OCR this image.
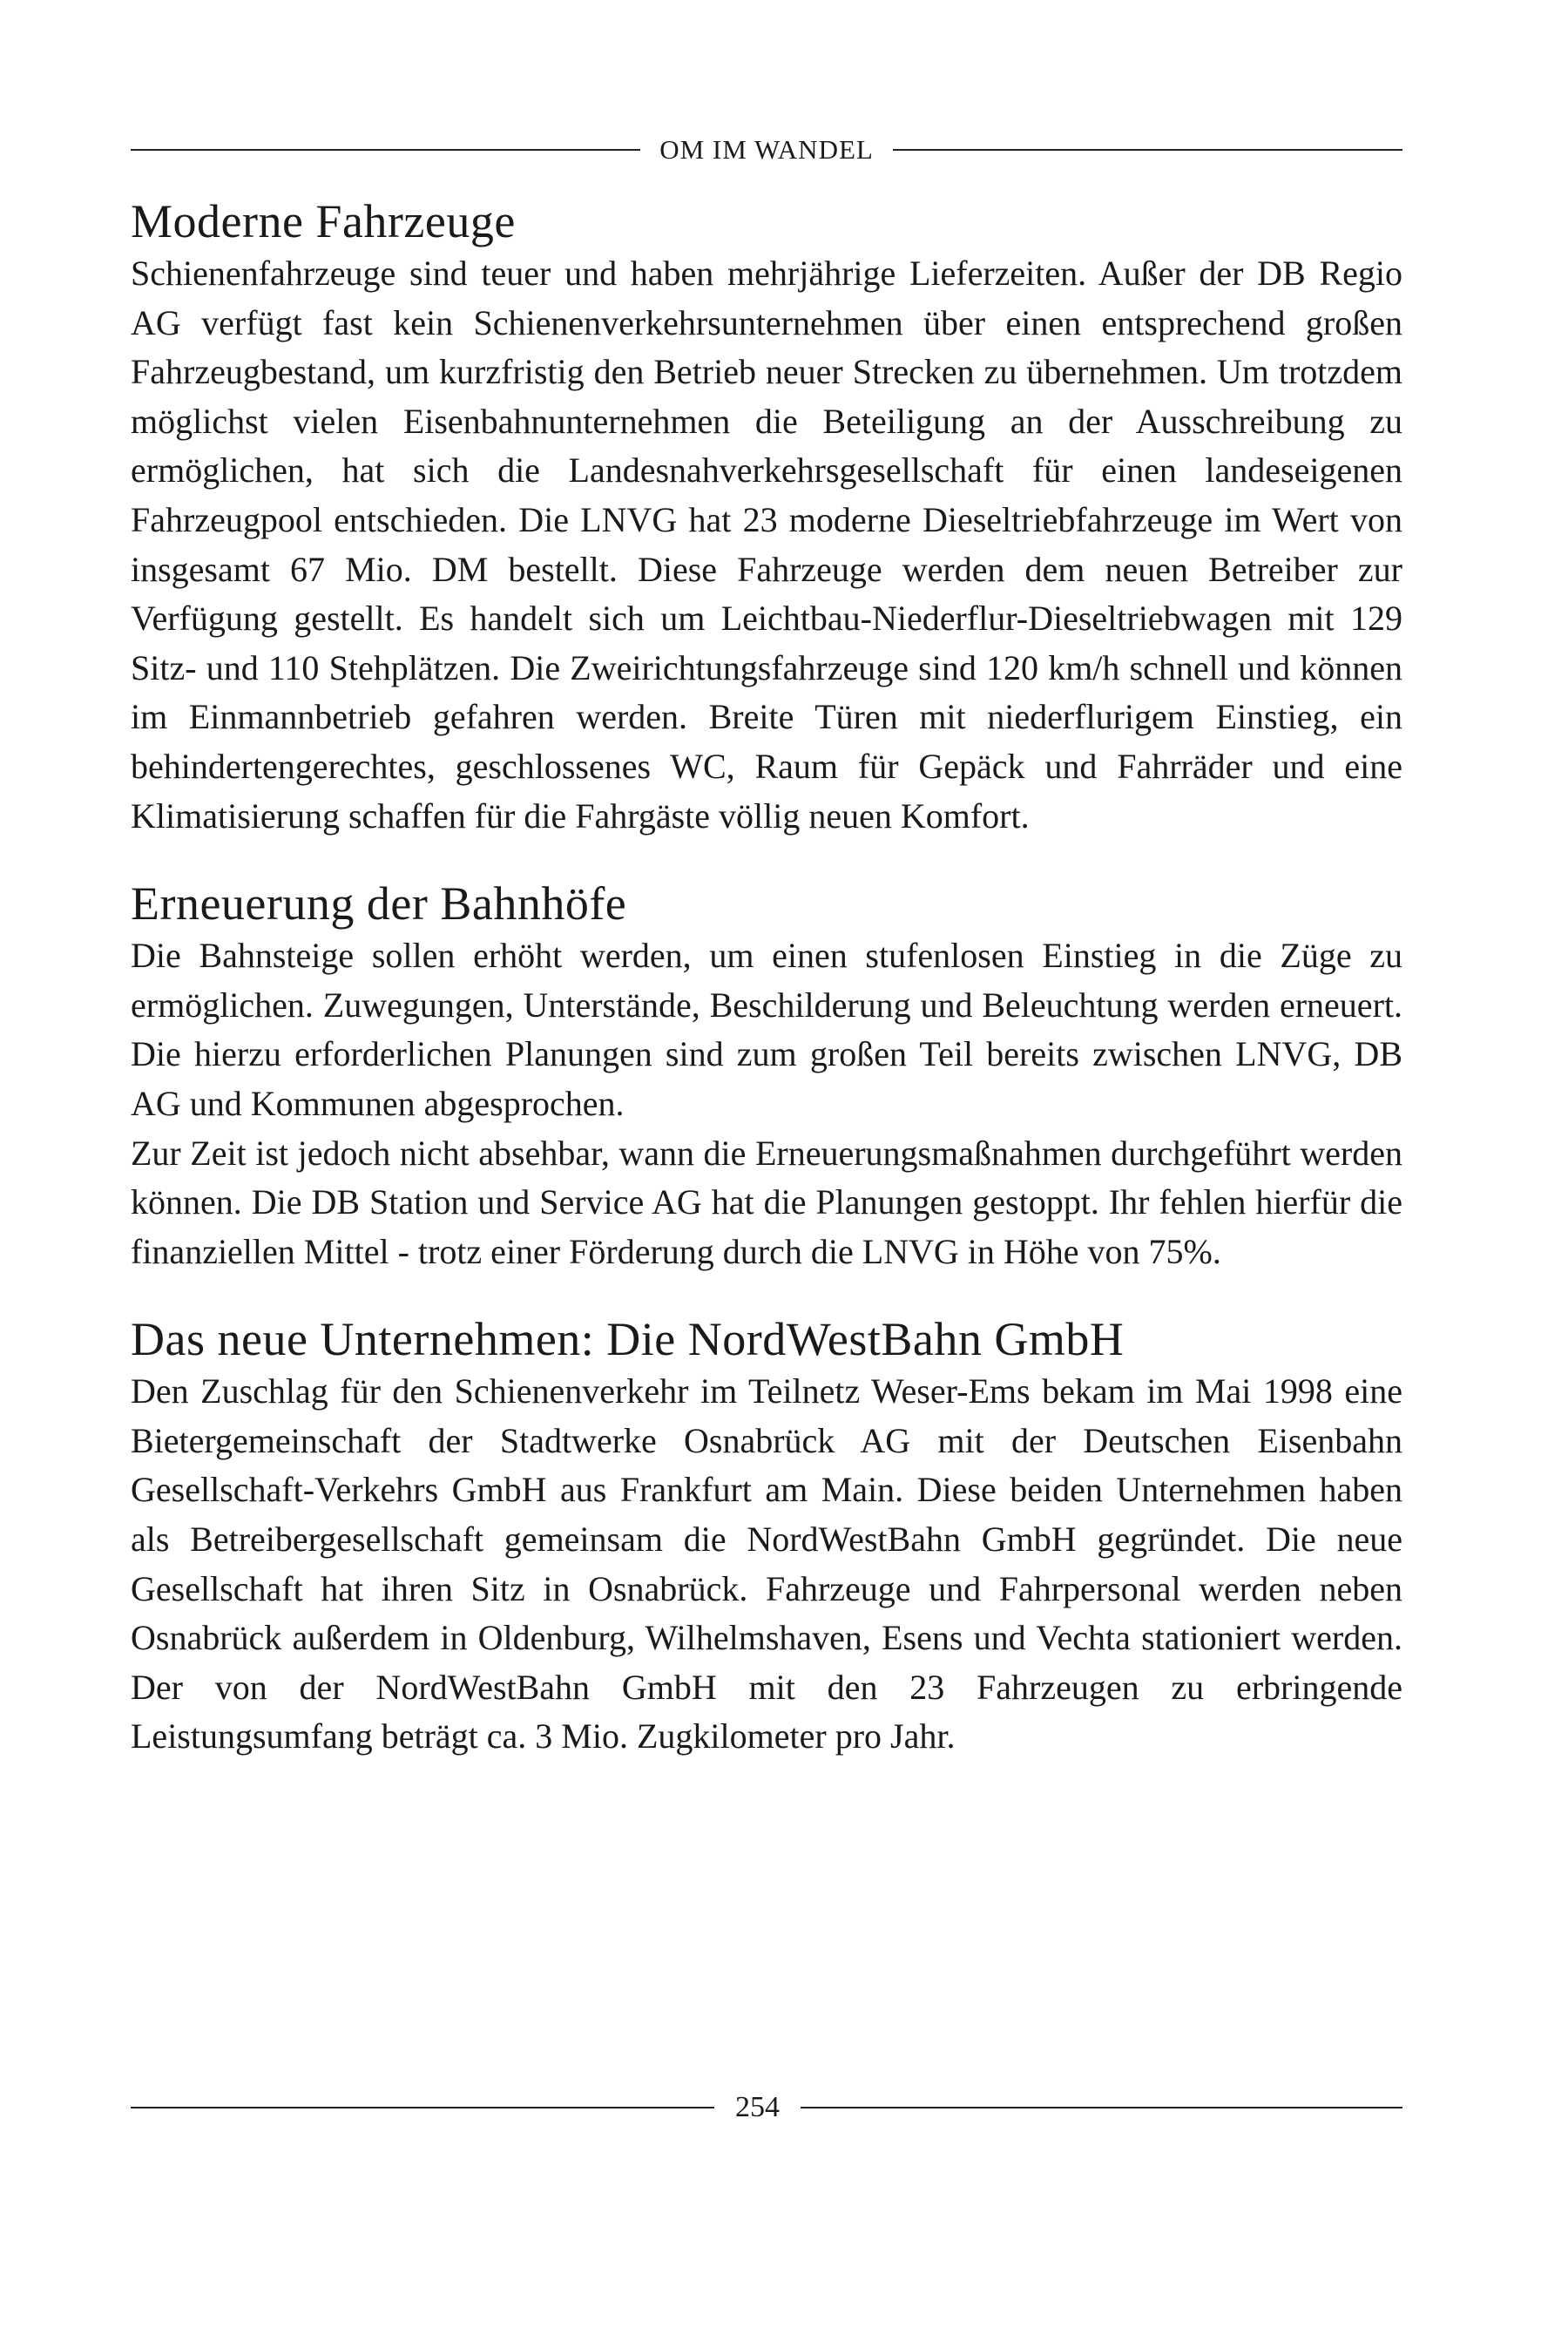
OM IM WANDEL
Moderne Fahrzeuge

Schienenfahrzeuge sind teuer und haben mehrjährige Lieferzeiten. Außer der DB Regio AG verfügt fast kein Schienenverkehrsunternehmen über einen entsprechend großen Fahrzeugbestand, um kurzfristig den Betrieb neuer Strecken zu übernehmen. Um trotzdem möglichst vielen Eisenbahnunternehmen die Beteiligung an der Ausschreibung zu ermöglichen, hat sich die Landesnahverkehrsgesellschaft für einen landeseigenen Fahrzeugpool entschieden. Die LNVG hat 23 moderne Dieseltriebfahrzeuge im Wert von insgesamt 67 Mio. DM bestellt. Diese Fahrzeuge werden dem neuen Betreiber zur Verfügung gestellt. Es handelt sich um Leichtbau-Niederflur-Dieseltriebwagen mit 129 Sitz- und 110 Stehplätzen. Die Zweirichtungsfahrzeuge sind 120 km/h schnell und können im Einmannbetrieb gefahren werden. Breite Türen mit niederflurigem Einstieg, ein behindertengerechtes, geschlossenes WC, Raum für Gepäck und Fahrräder und eine Klimatisierung schaffen für die Fahrgäste völlig neuen Komfort.

Erneuerung der Bahnhöfe

Die Bahnsteige sollen erhöht werden, um einen stufenlosen Einstieg in die Züge zu ermöglichen. Zuwegungen, Unterstände, Beschilderung und Beleuchtung werden erneuert. Die hierzu erforderlichen Planungen sind zum großen Teil bereits zwischen LNVG, DB AG und Kommunen abgesprochen.

Zur Zeit ist jedoch nicht absehbar, wann die Erneuerungsmaßnahmen durchgeführt werden können. Die DB Station und Service AG hat die Planungen gestoppt. Ihr fehlen hierfür die finanziellen Mittel - trotz einer Förderung durch die LNVG in Höhe von 75%.

Das neue Unternehmen: Die NordWestBahn GmbH

Den Zuschlag für den Schienenverkehr im Teilnetz Weser-Ems bekam im Mai 1998 eine Bietergemeinschaft der Stadtwerke Osnabrück AG mit der Deutschen Eisenbahn Gesellschaft-Verkehrs GmbH aus Frankfurt am Main. Diese beiden Unternehmen haben als Betreibergesellschaft gemeinsam die NordWestBahn GmbH gegründet. Die neue Gesellschaft hat ihren Sitz in Osnabrück. Fahrzeuge und Fahrpersonal werden neben Osnabrück außerdem in Oldenburg, Wilhelmshaven, Esens und Vechta stationiert werden. Der von der NordWestBahn GmbH mit den 23 Fahrzeugen zu erbringende Leistungsumfang beträgt ca. 3 Mio. Zugkilometer pro Jahr.

254
